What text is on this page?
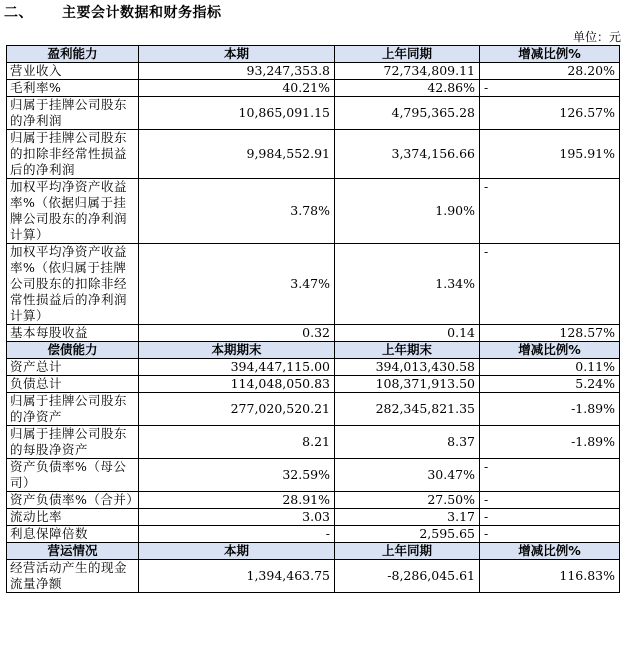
二、 主要会计数据和财务指标
单位：元
盈利能力	本期	上年同期	增减比例%
营业收入	93,247,353.8	72,734,809.11	28.20%
毛利率%	40.21%	42.86%	-
归属于挂牌公司股东的净利润	10,865,091.15	4,795,365.28	126.57%
归属于挂牌公司股东的扣除非经常性损益后的净利润	9,984,552.91	3,374,156.66	195.91%
加权平均净资产收益率%（依据归属于挂牌公司股东的净利润计算）	3.78%	1.90%	-
加权平均净资产收益率%（依归属于挂牌公司股东的扣除非经常性损益后的净利润计算）	3.47%	1.34%	-
基本每股收益	0.32	0.14	128.57%
偿债能力	本期期末	上年期末	增减比例%
资产总计	394,447,115.00	394,013,430.58	0.11%
负债总计	114,048,050.83	108,371,913.50	5.24%
归属于挂牌公司股东的净资产	277,020,520.21	282,345,821.35	-1.89%
归属于挂牌公司股东的每股净资产	8.21	8.37	-1.89%
资产负债率%（母公司）	32.59%	30.47%	-
资产负债率%（合并）	28.91%	27.50%	-
流动比率	3.03	3.17	-
利息保障倍数	-	2,595.65	-
营运情况	本期	上年同期	增减比例%
经营活动产生的现金流量净额	1,394,463.75	-8,286,045.61	116.83%
